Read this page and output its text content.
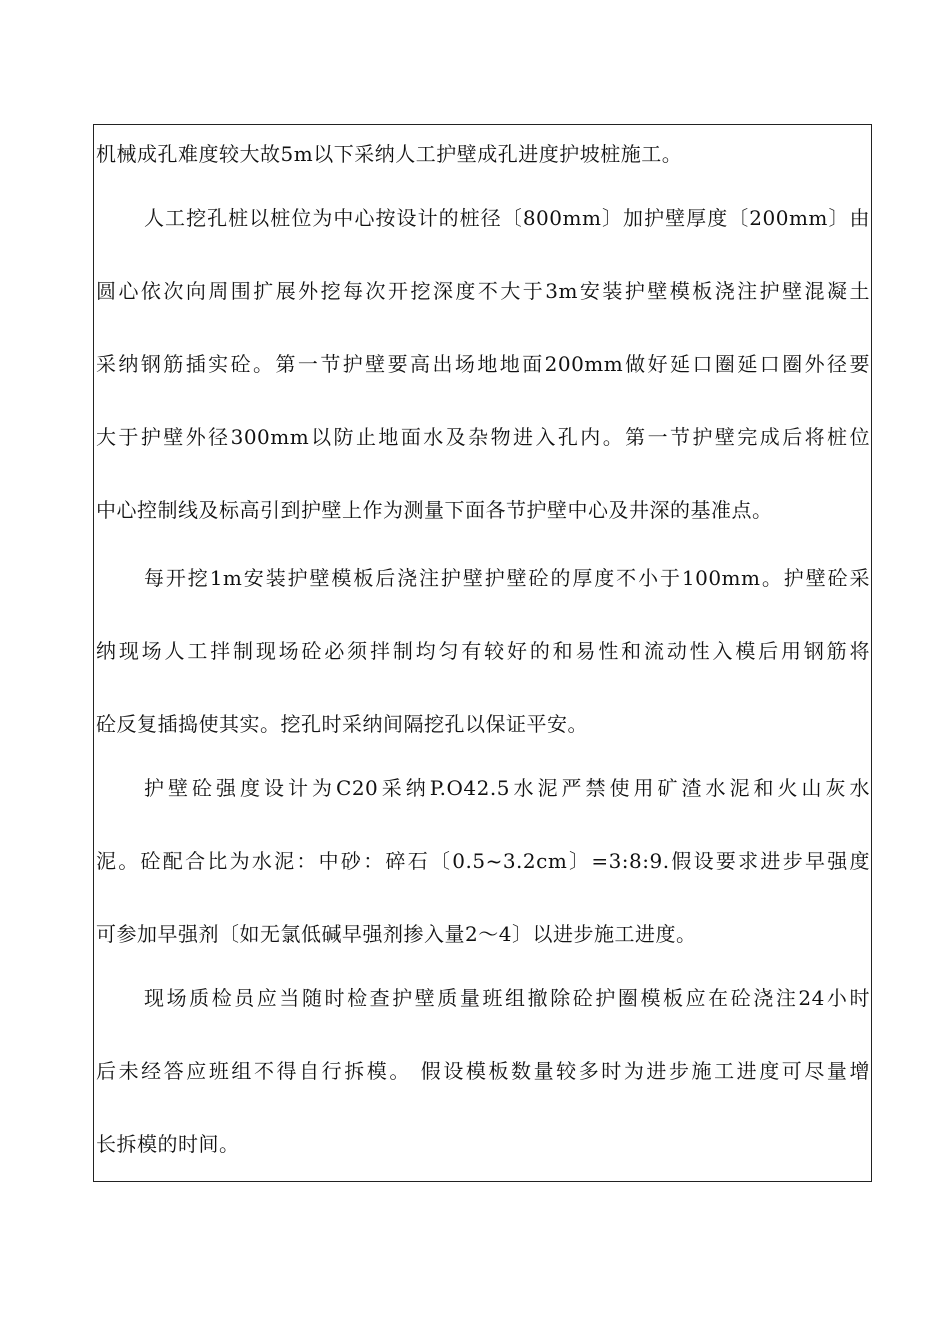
机械成孔难度较大故5m以下采纳人工护壁成孔进度护坡桩施工。
人工挖孔桩以桩位为中心按设计的桩径〔800mm〕加护壁厚度〔200mm〕由
圆心依次向周围扩展外挖每次开挖深度不大于3m安装护壁模板浇注护壁混凝土
采纳钢筋插实砼。第一节护壁要高出场地地面200mm做好延口圈延口圈外径要
大于护壁外径300mm以防止地面水及杂物进入孔内。第一节护壁完成后将桩位
中心控制线及标高引到护壁上作为测量下面各节护壁中心及井深的基准点。
每开挖1m安装护壁模板后浇注护壁护壁砼的厚度不小于100mm。护壁砼采
纳现场人工拌制现场砼必须拌制均匀有较好的和易性和流动性入模后用钢筋将
砼反复插捣使其实。挖孔时采纳间隔挖孔以保证平安。
护壁砼强度设计为C20采纳P.O42.5水泥严禁使用矿渣水泥和火山灰水
泥。砼配合比为水泥：中砂：碎石〔0.5~3.2cm〕=3:8:9.假设要求进步早强度
可参加早强剂〔如无氯低碱早强剂掺入量2～4〕以进步施工进度。
现场质检员应当随时检查护壁质量班组撤除砼护圈模板应在砼浇注24小时
后未经答应班组不得自行拆模。 假设模板数量较多时为进步施工进度可尽量增
长拆模的时间。
